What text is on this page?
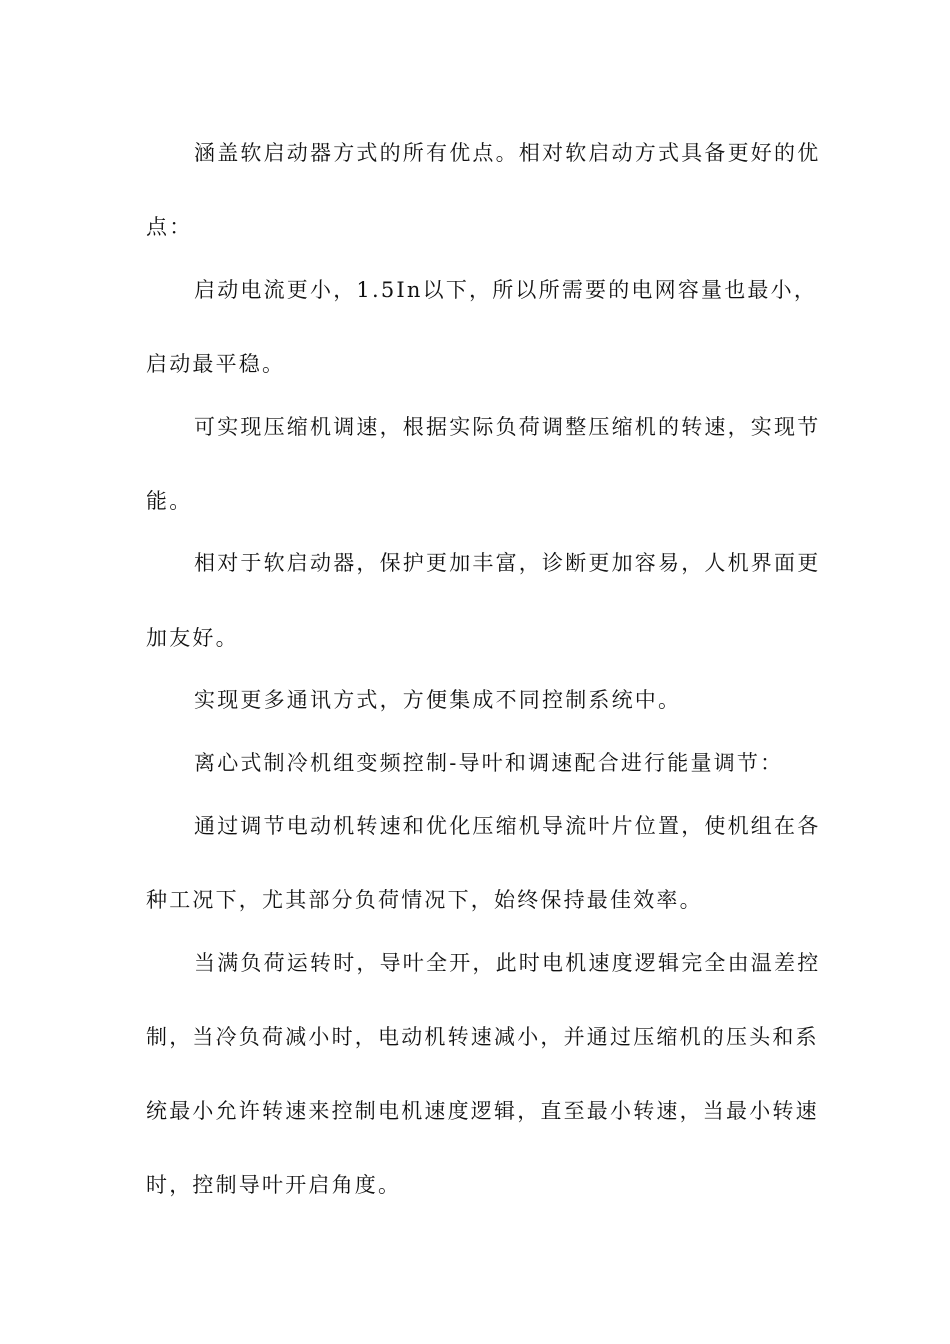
涵盖软启动器方式的所有优点。相对软启动方式具备更好的优

点：

启动电流更小，1.5In以下，所以所需要的电网容量也最小，

启动最平稳。

可实现压缩机调速，根据实际负荷调整压缩机的转速，实现节

能。

相对于软启动器，保护更加丰富，诊断更加容易，人机界面更

加友好。

实现更多通讯方式，方便集成不同控制系统中。

离心式制冷机组变频控制-导叶和调速配合进行能量调节：

通过调节电动机转速和优化压缩机导流叶片位置，使机组在各

种工况下，尤其部分负荷情况下，始终保持最佳效率。

当满负荷运转时，导叶全开，此时电机速度逻辑完全由温差控

制，当冷负荷减小时，电动机转速减小，并通过压缩机的压头和系

统最小允许转速来控制电机速度逻辑，直至最小转速，当最小转速

时，控制导叶开启角度。
